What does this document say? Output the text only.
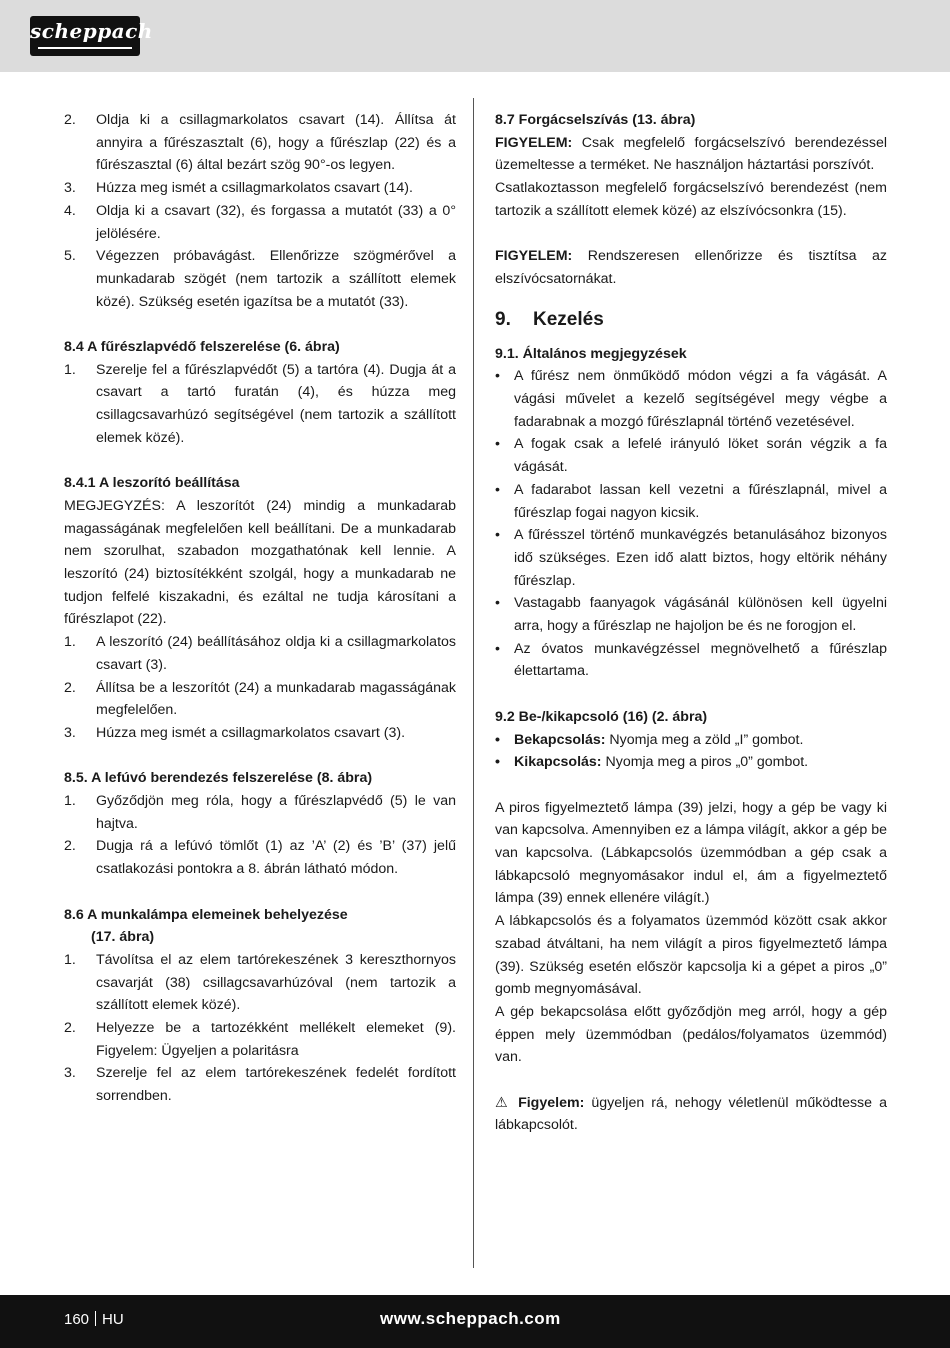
scheppach
2.	Oldja ki a csillagmarkolatos csavart (14). Állítsa át annyira a fűrészasztalt (6), hogy a fűrészlap (22) és a fűrészasztal (6) által bezárt szög 90°-os legyen.
3.	Húzza meg ismét a csillagmarkolatos csavart (14).
4.	Oldja ki a csavart (32), és forgassa a mutatót (33) a 0° jelölésére.
5.	Végezzen próbavágást. Ellenőrizze szögmérővel a munkadarab szögét (nem tartozik a szállított elemek közé). Szükség esetén igazítsa be a mutatót (33).

8.4 A fűrészlapvédő felszerelése (6. ábra)

1.	Szerelje fel a fűrészlapvédőt (5) a tartóra (4). Dugja át a csavart a tartó furatán (4), és húzza meg csillagcsavarhúzó segítségével (nem tartozik a szállított elemek közé).

8.4.1 A leszorító beállítása

MEGJEGYZÉS: A leszorítót (24) mindig a munkadarab magasságának megfelelően kell beállítani. De a munkadarab nem szorulhat, szabadon mozgathatónak kell lennie. A leszorító (24) biztosítékként szolgál, hogy a munkadarab ne tudjon felfelé kiszakadni, és ezáltal ne tudja károsítani a fűrészlapot (22).

1.	A leszorító (24) beállításához oldja ki a csillagmarkolatos csavart (3).
2.	Állítsa be a leszorítót (24) a munkadarab magasságának megfelelően.
3.	Húzza meg ismét a csillagmarkolatos csavart (3).

8.5. A lefúvó berendezés felszerelése (8. ábra)

1.	Győződjön meg róla, hogy a fűrészlapvédő (5) le van hajtva.
2.	Dugja rá a lefúvó tömlőt (1) az ’A’ (2) és ’B’ (37) jelű csatlakozási pontokra a 8. ábrán látható módon.

8.6 A munkalámpa elemeinek behelyezése

(17. ábra)

1.	Távolítsa el az elem tartórekeszének 3 kereszthornyos csavarját (38) csillagcsavarhúzóval (nem tartozik a szállított elemek közé).
2.	Helyezze be a tartozékként mellékelt elemeket (9). Figyelem: Ügyeljen a polaritásra
3.	Szerelje fel az elem tartórekeszének fedelét fordított sorrendben.

8.7 Forgácselszívás (13. ábra)

FIGYELEM: Csak megfelelő forgácselszívó berendezéssel üzemeltesse a terméket. Ne használjon háztartási porszívót.

Csatlakoztasson megfelelő forgácselszívó berendezést (nem tartozik a szállított elemek közé) az elszívócsonkra (15).

FIGYELEM: Rendszeresen ellenőrizze és tisztítsa az elszívócsatornákat.

9.	Kezelés

9.1. Általános megjegyzések

• A fűrész nem önműködő módon végzi a fa vágását. A vágási művelet a kezelő segítségével megy végbe a fadarabnak a mozgó fűrészlapnál történő vezetésével.
• A fogak csak a lefelé irányuló löket során végzik a fa vágását.
• A fadarabot lassan kell vezetni a fűrészlapnál, mivel a fűrészlap fogai nagyon kicsik.
• A fűrésszel történő munkavégzés betanulásához bizonyos idő szükséges. Ezen idő alatt biztos, hogy eltörik néhány fűrészlap.
• Vastagabb faanyagok vágásánál különösen kell ügyelni arra, hogy a fűrészlap ne hajoljon be és ne forogjon el.
• Az óvatos munkavégzéssel megnövelhető a fűrészlap élettartama.

9.2 Be-/kikapcsoló (16) (2. ábra)

• Bekapcsolás: Nyomja meg a zöld „I” gombot.
• Kikapcsolás: Nyomja meg a piros „0” gombot.

A piros figyelmeztető lámpa (39) jelzi, hogy a gép be vagy ki van kapcsolva. Amennyiben ez a lámpa világít, akkor a gép be van kapcsolva. (Lábkapcsolós üzemmódban a gép csak a lábkapcsoló megnyomásakor indul el, ám a figyelmeztető lámpa (39) ennek ellenére világít.)

A lábkapcsolós és a folyamatos üzemmód között csak akkor szabad átváltani, ha nem világít a piros figyelmeztető lámpa (39). Szükség esetén először kapcsolja ki a gépet a piros „0” gomb megnyomásával.

A gép bekapcsolása előtt győződjön meg arról, hogy a gép éppen mely üzemmódban (pedálos/folyamatos üzemmód) van.

⚠ Figyelem: ügyeljen rá, nehogy véletlenül működtesse a lábkapcsolót.

160 HU	www.scheppach.com
